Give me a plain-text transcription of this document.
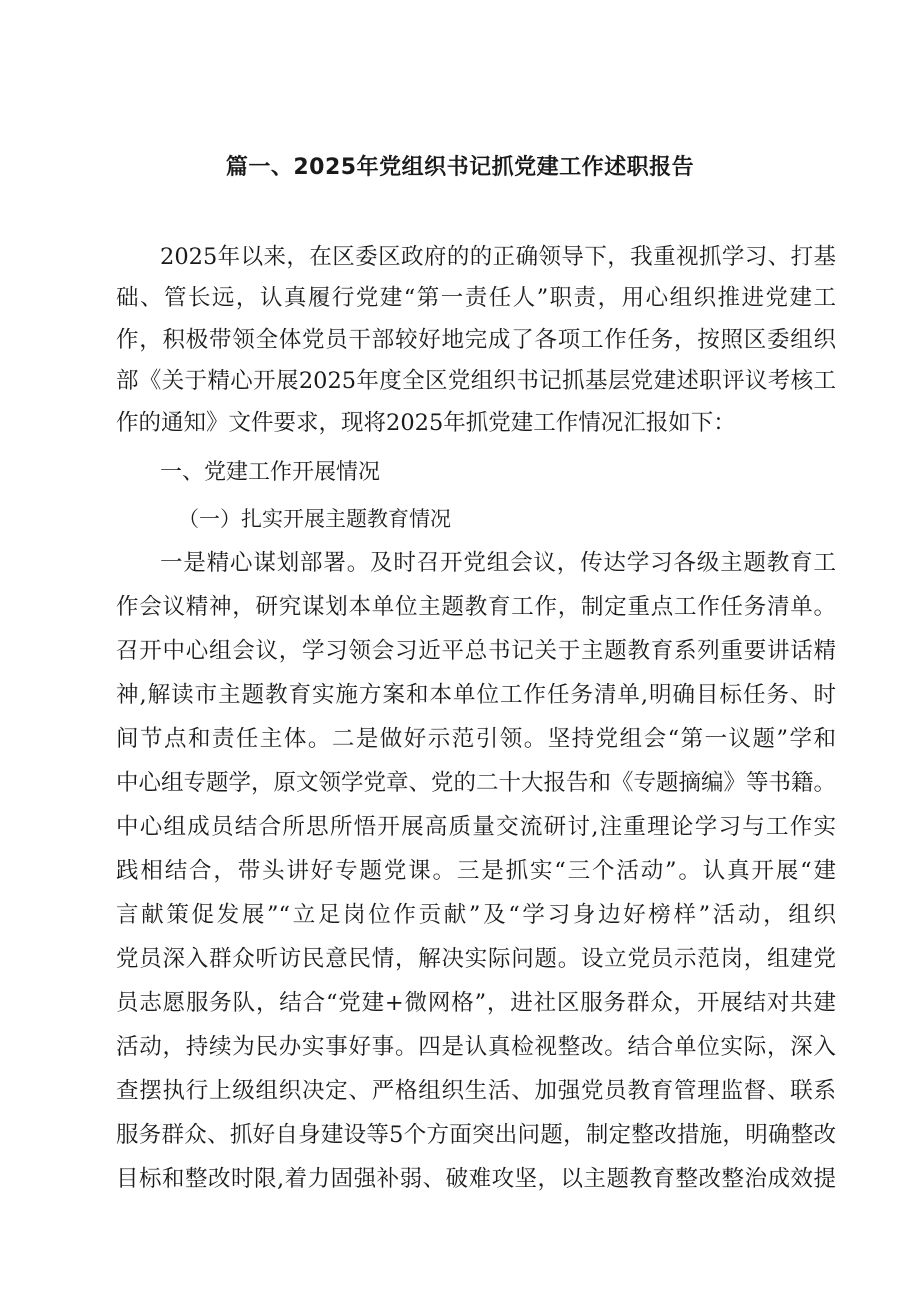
篇一、2025年党组织书记抓党建工作述职报告
2025年以来，在区委区政府的的正确领导下，我重视抓学习、打基
础、管长远，认真履行党建“第一责任人”职责，用心组织推进党建工
作，积极带领全体党员干部较好地完成了各项工作任务，按照区委组织
部《关于精心开展2025年度全区党组织书记抓基层党建述职评议考核工
作的通知》文件要求，现将2025年抓党建工作情况汇报如下：
一、党建工作开展情况
（一）扎实开展主题教育情况
一是精心谋划部署。及时召开党组会议，传达学习各级主题教育工
作会议精神，研究谋划本单位主题教育工作，制定重点工作任务清单。
召开中心组会议，学习领会习近平总书记关于主题教育系列重要讲话精
神,解读市主题教育实施方案和本单位工作任务清单,明确目标任务、时
间节点和责任主体。二是做好示范引领。坚持党组会“第一议题”学和
中心组专题学，原文领学党章、党的二十大报告和《专题摘编》等书籍。
中心组成员结合所思所悟开展高质量交流研讨,注重理论学习与工作实
践相结合，带头讲好专题党课。三是抓实“三个活动”。认真开展“建
言献策促发展”“立足岗位作贡献”及“学习身边好榜样”活动，组织
党员深入群众听访民意民情，解决实际问题。设立党员示范岗，组建党
员志愿服务队，结合“党建+微网格”，进社区服务群众，开展结对共建
活动，持续为民办实事好事。四是认真检视整改。结合单位实际，深入
查摆执行上级组织决定、严格组织生活、加强党员教育管理监督、联系
服务群众、抓好自身建设等5个方面突出问题，制定整改措施，明确整改
目标和整改时限,着力固强补弱、破难攻坚，以主题教育整改整治成效提
